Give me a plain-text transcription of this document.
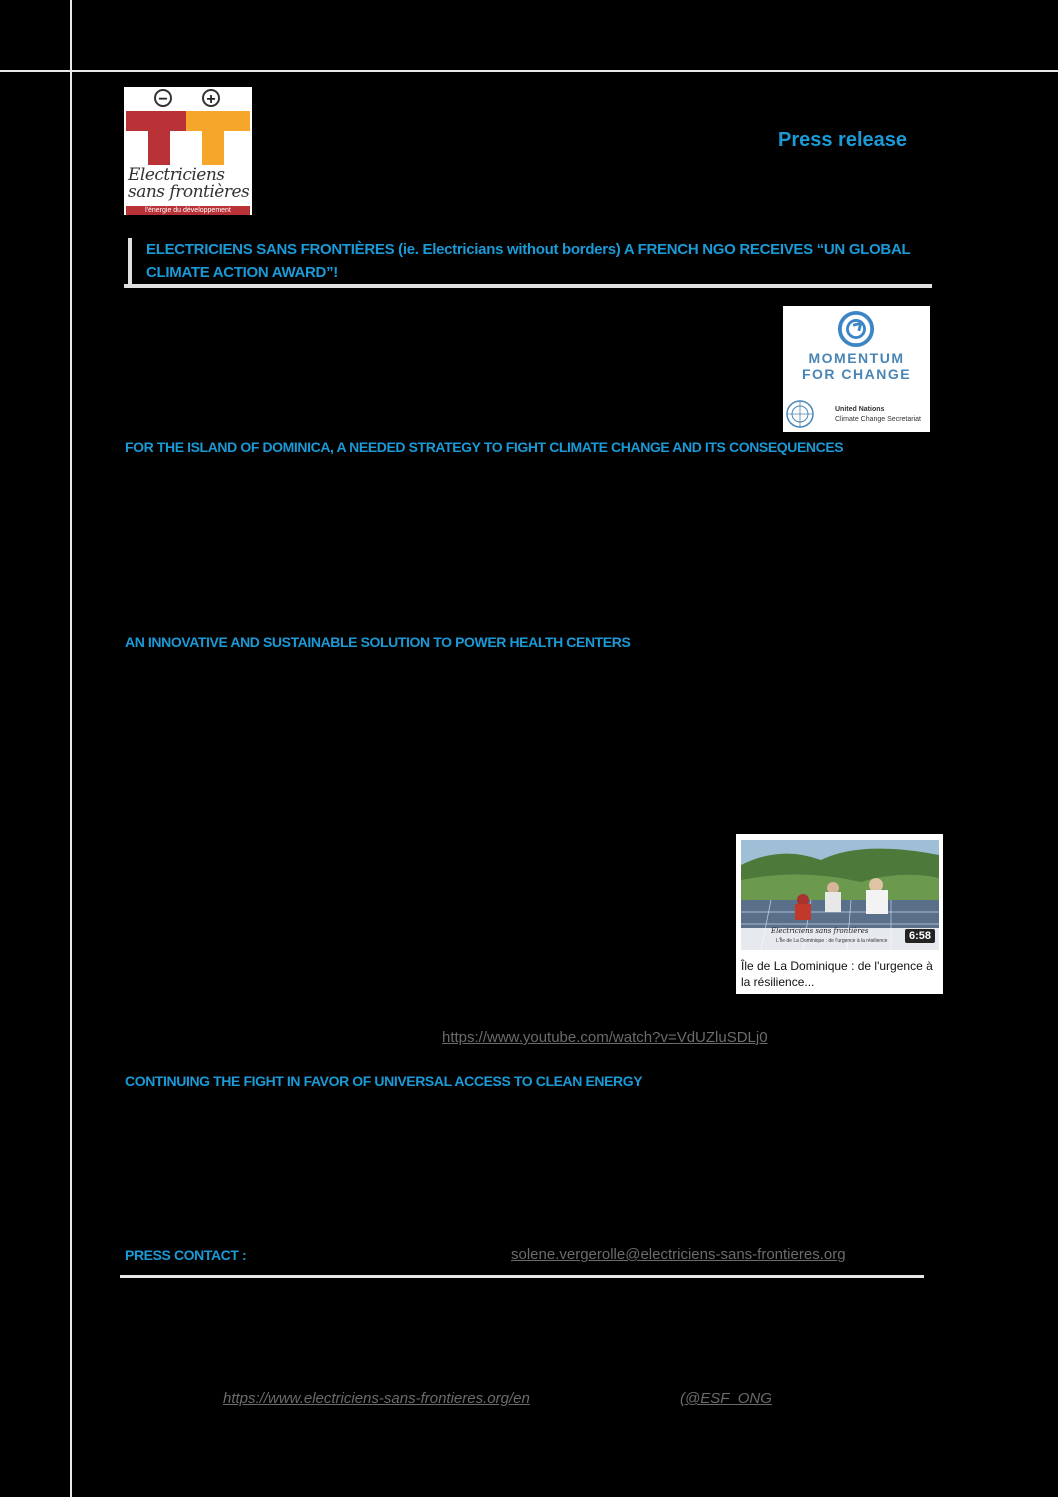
− +
Electriciens
sans frontières
l'énergie du développement
Press release
ELECTRICIENS SANS FRONTIÈRES (ie. Electricians without borders) A FRENCH NGO RECEIVES “UN GLOBAL CLIMATE ACTION AWARD”!
MOMENTUM
FOR CHANGE
United Nations
Climate Change Secretariat
FOR THE ISLAND OF DOMINICA, A NEEDED STRATEGY TO FIGHT CLIMATE CHANGE AND ITS CONSEQUENCES
AN INNOVATIVE AND SUSTAINABLE SOLUTION TO POWER HEALTH CENTERS
Electriciens sans frontières
L'Île de La Dominique : de l'urgence à la résilience	6:58
Île de La Dominique : de l'urgence à la résilience...
https://www.youtube.com/watch?v=VdUZluSDLj0
CONTINUING THE FIGHT IN FAVOR OF UNIVERSAL ACCESS TO CLEAN ENERGY
PRESS CONTACT :	solene.vergerolle@electriciens-sans-frontieres.org
https://www.electriciens-sans-frontieres.org/en	(@ESF_ONG
